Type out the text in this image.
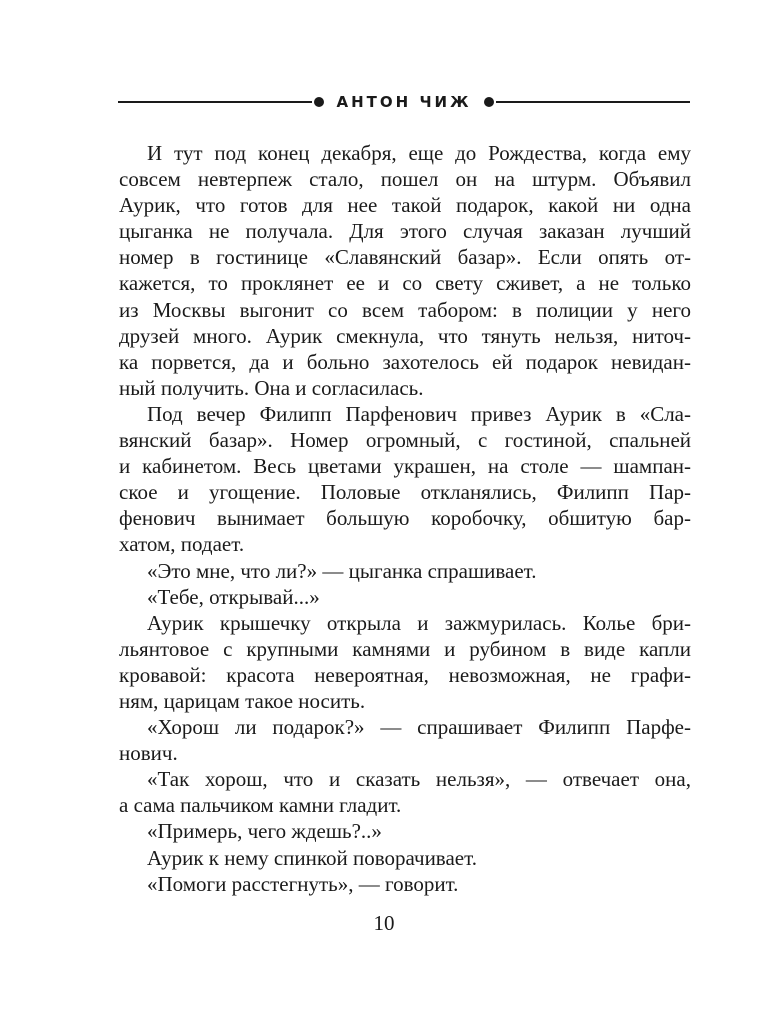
АНТОН ЧИЖ
И тут под конец декабря, еще до Рождества, когда ему
совсем невтерпеж стало, пошел он на штурм. Объявил
Аурик, что готов для нее такой подарок, какой ни одна
цыганка не получала. Для этого случая заказан лучший
номер в гостинице «Славянский базар». Если опять от-
кажется, то проклянет ее и со свету сживет, а не только
из Москвы выгонит со всем табором: в полиции у него
друзей много. Аурик смекнула, что тянуть нельзя, ниточ-
ка порвется, да и больно захотелось ей подарок невидан-
ный получить. Она и согласилась.
Под вечер Филипп Парфенович привез Аурик в «Сла-
вянский базар». Номер огромный, с гостиной, спальней
и кабинетом. Весь цветами украшен, на столе — шампан-
ское и угощение. Половые откланялись, Филипп Пар-
фенович вынимает большую коробочку, обшитую бар-
хатом, подает.
«Это мне, что ли?» — цыганка спрашивает.
«Тебе, открывай...»
Аурик крышечку открыла и зажмурилась. Колье бри-
льянтовое с крупными камнями и рубином в виде капли
кровавой: красота невероятная, невозможная, не графи-
ням, царицам такое носить.
«Хорош ли подарок?» — спрашивает Филипп Парфе-
нович.
«Так хорош, что и сказать нельзя», — отвечает она,
а сама пальчиком камни гладит.
«Примерь, чего ждешь?..»
Аурик к нему спинкой поворачивает.
«Помоги расстегнуть», — говорит.
10
